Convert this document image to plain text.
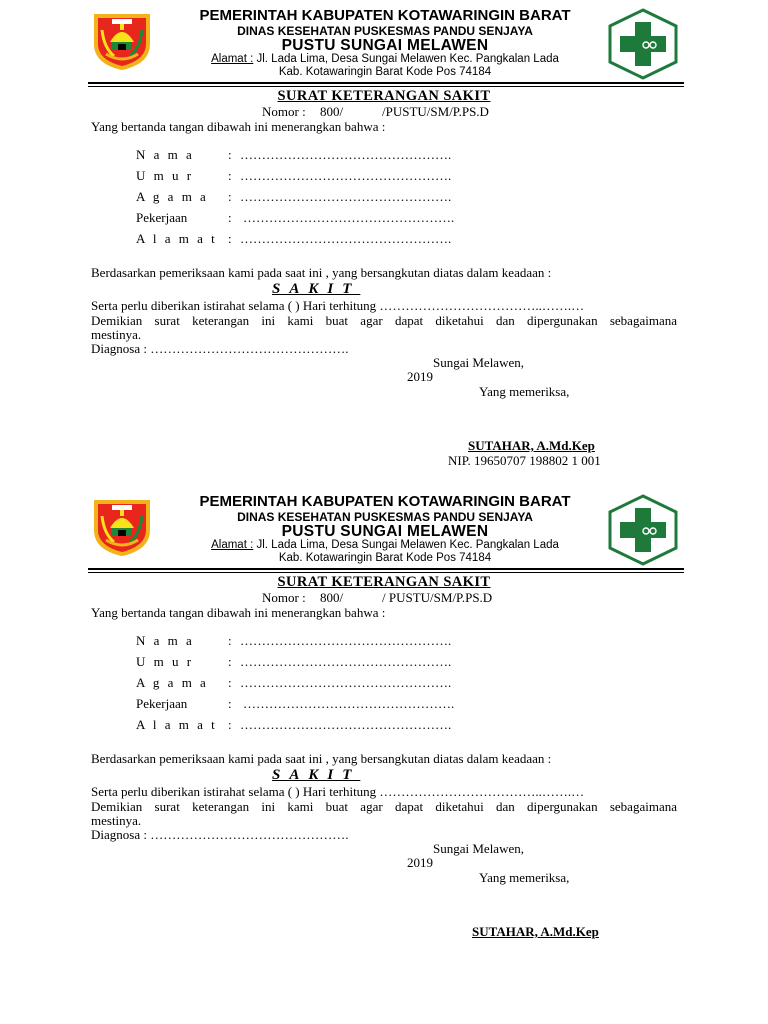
PEMERINTAH KABUPATEN KOTAWARINGIN BARAT
DINAS KESEHATAN PUSKESMAS PANDU SENJAYA
PUSTU SUNGAI MELAWEN
Alamat : Jl. Lada Lima, Desa Sungai Melawen Kec. Pangkalan Lada
Kab. Kotawaringin Barat Kode Pos 74184
SURAT KETERANGAN SAKIT
Nomor : 800/	/PUSTU/SM/P.PS.D
Yang bertanda tangan dibawah ini menerangkan bahwa :
N a m a	: ………………………………………….
U m u r	: ………………………………………….
A g a m a : ………………………………………….
Pekerjaan	: ………………………………………….
A l a m a t : ………………………………………….
Berdasarkan pemeriksaan kami pada saat ini , yang bersangkutan diatas dalam keadaan :
SAKIT
Serta perlu diberikan istirahat selama ( ) Hari terhitung ………………………………..…….…
Demikian surat keterangan ini kami buat agar dapat diketahui dan dipergunakan sebagaimana
mestinya.
Diagnosa : ……………………………………….
Sungai Melawen,
2019
Yang memeriksa,
SUTAHAR, A.Md.Kep
NIP. 19650707 198802 1 001
PEMERINTAH KABUPATEN KOTAWARINGIN BARAT
DINAS KESEHATAN PUSKESMAS PANDU SENJAYA
PUSTU SUNGAI MELAWEN
Alamat : Jl. Lada Lima, Desa Sungai Melawen Kec. Pangkalan Lada
Kab. Kotawaringin Barat Kode Pos 74184
SURAT KETERANGAN SAKIT
Nomor : 800/	/ PUSTU/SM/P.PS.D
Yang bertanda tangan dibawah ini menerangkan bahwa :
N a m a	: ………………………………………….
U m u r	: ………………………………………….
A g a m a : ………………………………………….
Pekerjaan	: ………………………………………….
A l a m a t : ………………………………………….
Berdasarkan pemeriksaan kami pada saat ini , yang bersangkutan diatas dalam keadaan :
SAKIT
Serta perlu diberikan istirahat selama ( ) Hari terhitung ………………………………..…….…
Demikian surat keterangan ini kami buat agar dapat diketahui dan dipergunakan sebagaimana
mestinya.
Diagnosa : ……………………………………….
Sungai Melawen,
2019
Yang memeriksa,
SUTAHAR, A.Md.Kep
